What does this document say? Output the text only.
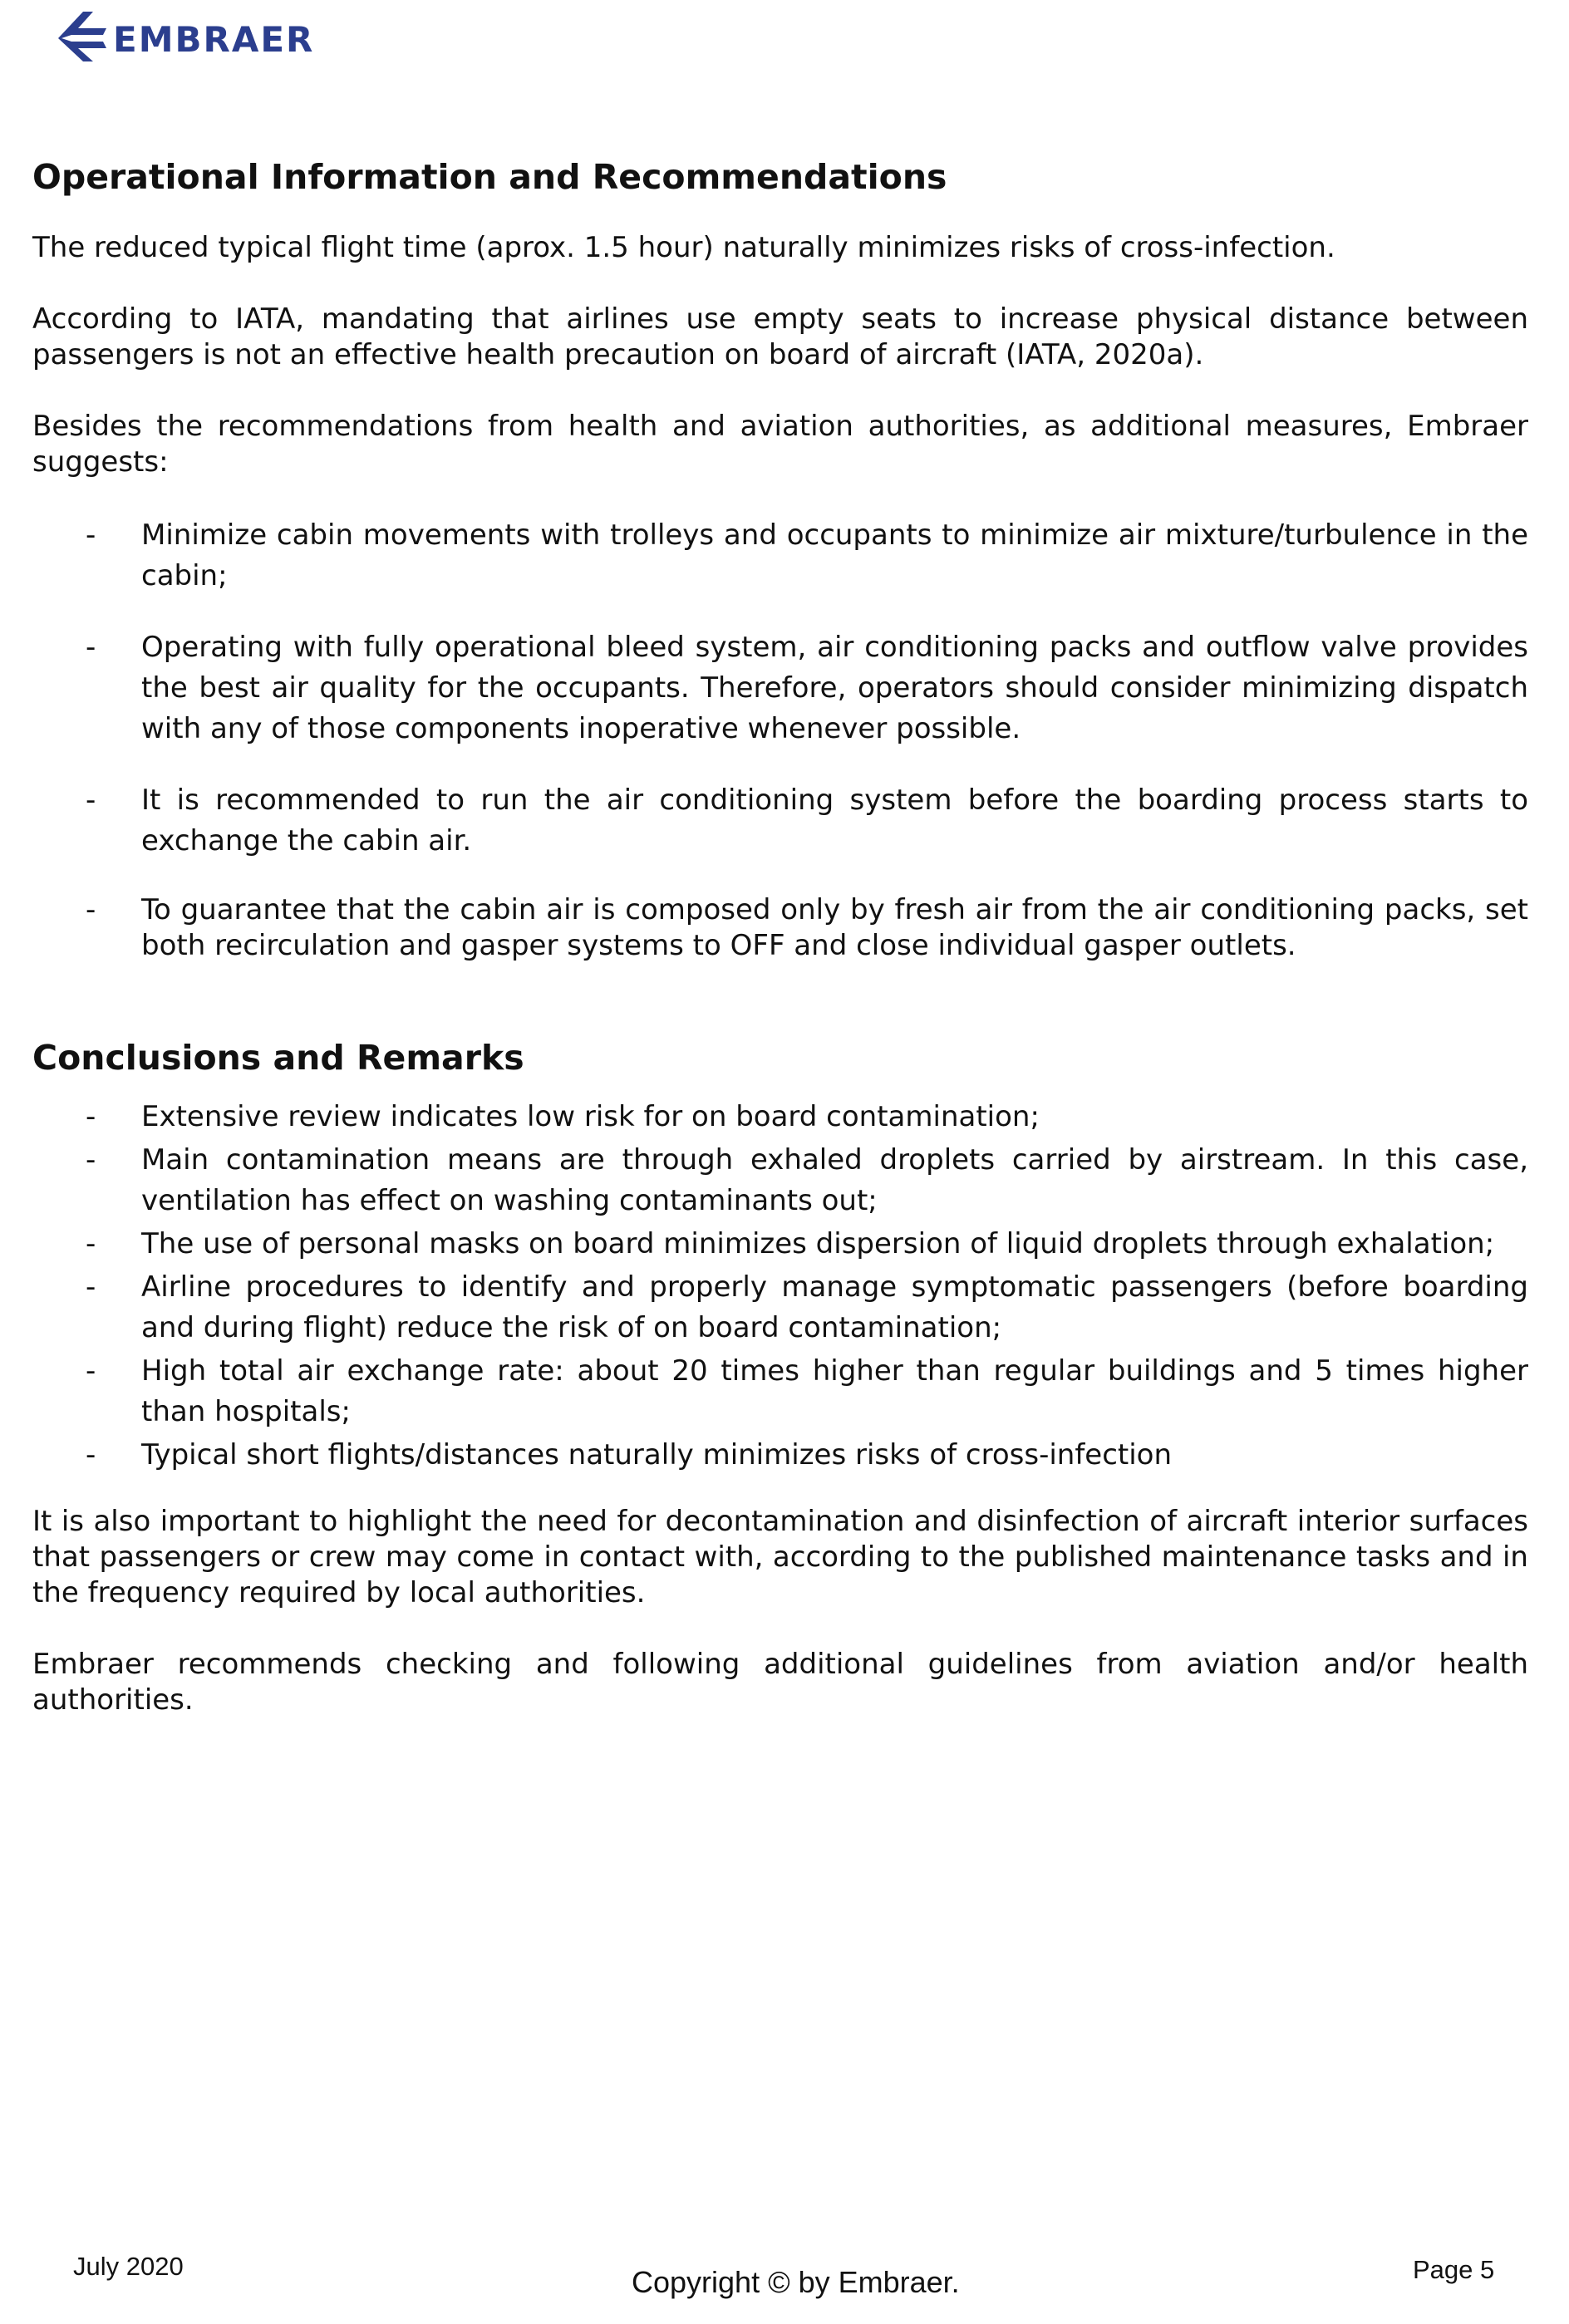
EMBRAER
Operational Information and Recommendations

The reduced typical flight time (aprox. 1.5 hour) naturally minimizes risks of cross-infection.

According to IATA, mandating that airlines use empty seats to increase physical distance between passengers is not an effective health precaution on board of aircraft (IATA, 2020a).

Besides the recommendations from health and aviation authorities, as additional measures, Embraer suggests:

- Minimize cabin movements with trolleys and occupants to minimize air mixture/turbulence in the cabin;
- Operating with fully operational bleed system, air conditioning packs and outflow valve provides the best air quality for the occupants. Therefore, operators should consider minimizing dispatch with any of those components inoperative whenever possible.
- It is recommended to run the air conditioning system before the boarding process starts to exchange the cabin air.
- To guarantee that the cabin air is composed only by fresh air from the air conditioning packs, set both recirculation and gasper systems to OFF and close individual gasper outlets.
Conclusions and Remarks
- Extensive review indicates low risk for on board contamination;
- Main contamination means are through exhaled droplets carried by airstream. In this case, ventilation has effect on washing contaminants out;
- The use of personal masks on board minimizes dispersion of liquid droplets through exhalation;
- Airline procedures to identify and properly manage symptomatic passengers (before boarding and during flight) reduce the risk of on board contamination;
- High total air exchange rate: about 20 times higher than regular buildings and 5 times higher than hospitals;
- Typical short flights/distances naturally minimizes risks of cross-infection

It is also important to highlight the need for decontamination and disinfection of aircraft interior surfaces that passengers or crew may come in contact with, according to the published maintenance tasks and in the frequency required by local authorities.

Embraer recommends checking and following additional guidelines from aviation and/or health authorities.

July 2020	Copyright © by Embraer.	Page 5
